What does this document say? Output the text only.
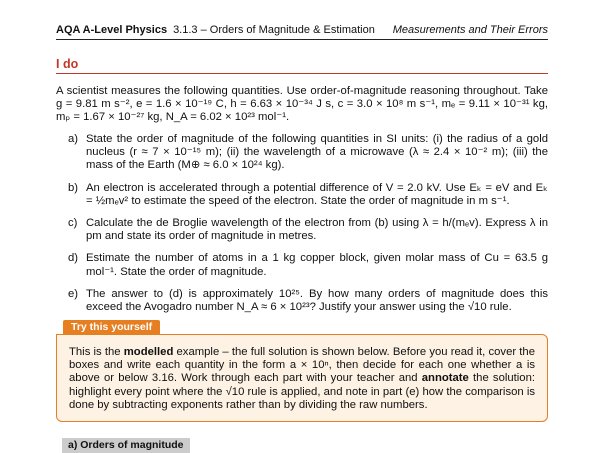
AQA A-Level Physics 3.1.3 – Orders of Magnitude & Estimation Measurements and Their Errors
I do
A scientist measures the following quantities. Use order-of-magnitude reasoning throughout. Take g = 9.81 m s⁻², e = 1.6 × 10⁻¹⁹ C, h = 6.63 × 10⁻³⁴ J s, c = 3.0 × 10⁸ m s⁻¹, mₑ = 9.11 × 10⁻³¹ kg, mₚ = 1.67 × 10⁻²⁷ kg, N_A = 6.02 × 10²³ mol⁻¹.
a) State the order of magnitude of the following quantities in SI units: (i) the radius of a gold nucleus (r ≈ 7 × 10⁻¹⁵ m); (ii) the wavelength of a microwave (λ ≈ 2.4 × 10⁻² m); (iii) the mass of the Earth (M⊕ ≈ 6.0 × 10²⁴ kg).
b) An electron is accelerated through a potential difference of V = 2.0 kV. Use Eₖ = eV and Eₖ = ½mₑv² to estimate the speed of the electron. State the order of magnitude in m s⁻¹.
c) Calculate the de Broglie wavelength of the electron from (b) using λ = h/(mₑv). Express λ in pm and state its order of magnitude in metres.
d) Estimate the number of atoms in a 1 kg copper block, given molar mass of Cu = 63.5 g mol⁻¹. State the order of magnitude.
e) The answer to (d) is approximately 10²⁵. By how many orders of magnitude does this exceed the Avogadro number N_A ≈ 6 × 10²³? Justify your answer using the √10 rule.
Try this yourself
This is the modelled example – the full solution is shown below. Before you read it, cover the boxes and write each quantity in the form a × 10ⁿ, then decide for each one whether a is above or below 3.16. Work through each part with your teacher and annotate the solution: highlight every point where the √10 rule is applied, and note in part (e) how the comparison is done by subtracting exponents rather than by dividing the raw numbers.
a) Orders of magnitude
